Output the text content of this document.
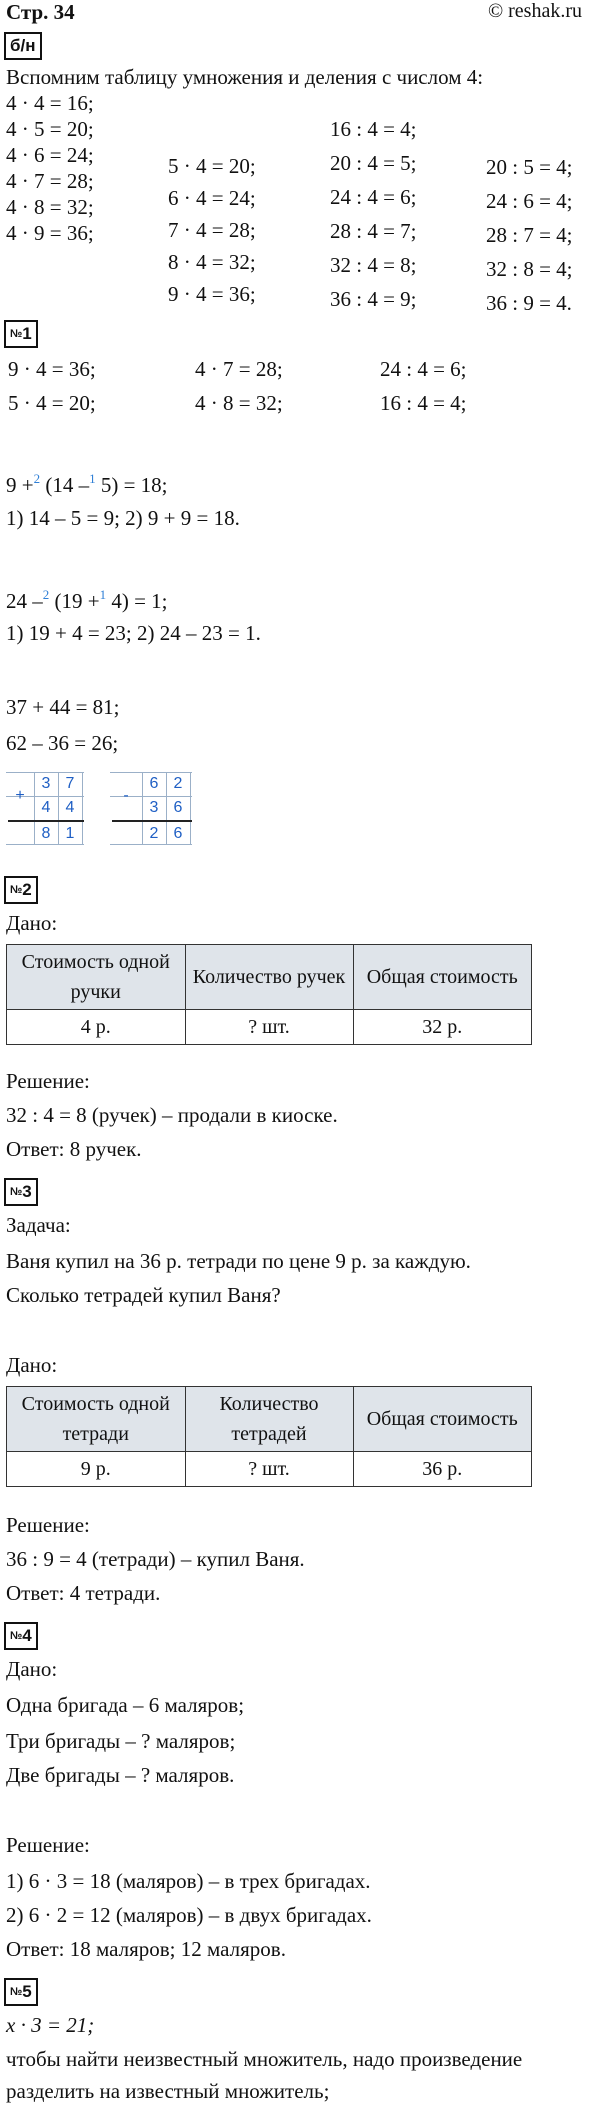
Стр. 34	© reshak.ru
б/н
Вспомним таблицу умножения и деления с числом 4:
4 · 4 = 16;
4 · 5 = 20;
4 · 6 = 24;
4 · 7 = 28;
4 · 8 = 32;
4 · 9 = 36;
5 · 4 = 20;
6 · 4 = 24;
7 · 4 = 28;
8 · 4 = 32;
9 · 4 = 36;
16 : 4 = 4;
20 : 4 = 5;
24 : 4 = 6;
28 : 4 = 7;
32 : 4 = 8;
36 : 4 = 9;
20 : 5 = 4;
24 : 6 = 4;
28 : 7 = 4;
32 : 8 = 4;
36 : 9 = 4.
№1
9 · 4 = 36;	4 · 7 = 28;	24 : 4 = 6;
5 · 4 = 20;	4 · 8 = 32;	16 : 4 = 4;
9 +$^2$ (14 –$^1$ 5) = 18;
1) 14 – 5 = 9; 2) 9 + 9 = 18.
24 –$^2$ (19 +$^1$ 4) = 1;
1) 19 + 4 = 23; 2) 24 – 23 = 1.
37 + 44 = 81;
62 – 36 = 26;
+
3 7
4 4
8 1
-
6 2
3 6
2 6
№2
Дано:
Стоимость одной ручки	Количество ручек	Общая стоимость
4 р.	? шт.	32 р.
Решение:
32 : 4 = 8 (ручек) – продали в киоске.
Ответ: 8 ручек.
№3
Задача:
Ваня купил на 36 р. тетради по цене 9 р. за каждую.
Сколько тетрадей купил Ваня?
Дано:
Стоимость одной тетради	Количество тетрадей	Общая стоимость
9 р.	? шт.	36 р.
Решение:
36 : 9 = 4 (тетради) – купил Ваня.
Ответ: 4 тетради.
№4
Дано:
Одна бригада – 6 маляров;
Три бригады – ? маляров;
Две бригады – ? маляров.
Решение:
1) 6 · 3 = 18 (маляров) – в трех бригадах.
2) 6 · 2 = 12 (маляров) – в двух бригадах.
Ответ: 18 маляров; 12 маляров.
№5
x · 3 = 21;
чтобы найти неизвестный множитель, надо произведение
разделить на известный множитель;
